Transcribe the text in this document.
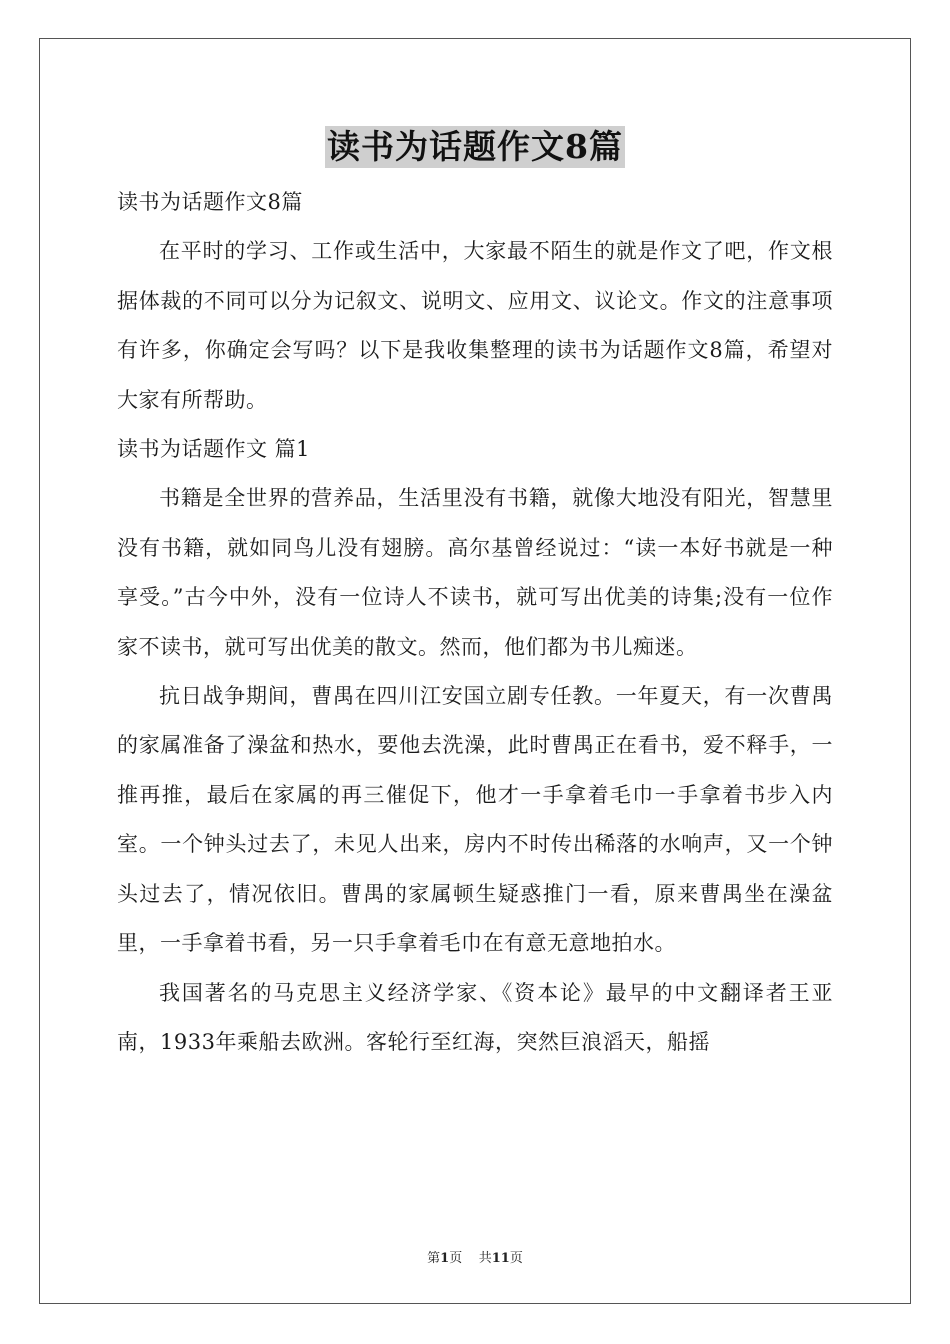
读书为话题作文8篇

读书为话题作文8篇

在平时的学习、工作或生活中，大家最不陌生的就是作文了吧，作文根据体裁的不同可以分为记叙文、说明文、应用文、议论文。作文的注意事项有许多，你确定会写吗？以下是我收集整理的读书为话题作文8篇，希望对大家有所帮助。

读书为话题作文 篇1

书籍是全世界的营养品，生活里没有书籍，就像大地没有阳光，智慧里没有书籍，就如同鸟儿没有翅膀。高尔基曾经说过：“读一本好书就是一种享受。”古今中外，没有一位诗人不读书，就可写出优美的诗集;没有一位作家不读书，就可写出优美的散文。然而，他们都为书儿痴迷。

抗日战争期间，曹禺在四川江安国立剧专任教。一年夏天，有一次曹禺的家属准备了澡盆和热水，要他去洗澡，此时曹禺正在看书，爱不释手，一推再推，最后在家属的再三催促下，他才一手拿着毛巾一手拿着书步入内室。一个钟头过去了，未见人出来，房内不时传出稀落的水响声，又一个钟头过去了，情况依旧。曹禺的家属顿生疑惑推门一看，原来曹禺坐在澡盆里，一手拿着书看，另一只手拿着毛巾在有意无意地拍水。

我国著名的马克思主义经济学家、《资本论》最早的中文翻译者王亚南，1933年乘船去欧洲。客轮行至红海，突然巨浪滔天，船摇

第1页 共11页
